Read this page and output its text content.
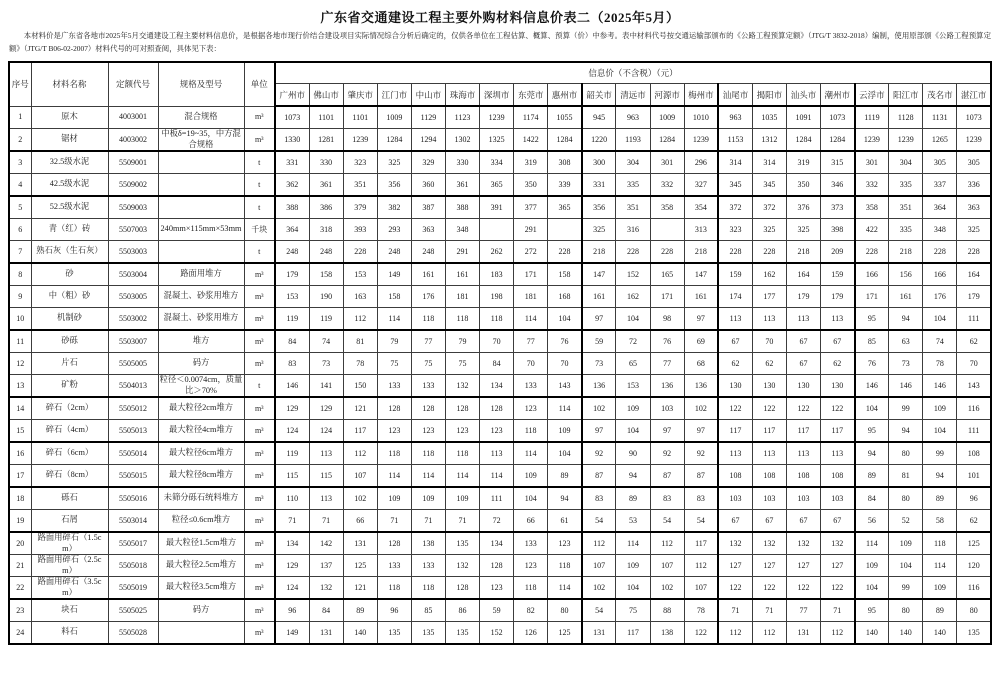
广东省交通建设工程主要外购材料信息价表二（2025年5月）
本材料价是广东省各地市2025年5月交通建设工程主要材料信息价，是根据各地市现行价结合建设项目实际情况综合分析后确定的，仅供各单位在工程估算、概算、预算（价）中参考。表中材料代号按交通运输部颁布的《公路工程预算定额》（JTG/T 3832-2018）编制，使用原部颁《公路工程预算定额》（JTG/T B06-02-2007）材料代号的可对照查阅，具体见下表：
序号	材料名称	定额代号	规格及型号	单位	信息价（不含税）（元）																				
					广州市	佛山市	肇庆市	江门市	中山市	珠海市	深圳市	东莞市	惠州市	韶关市	清远市	河源市	梅州市	汕尾市	揭阳市	汕头市	潮州市	云浮市	阳江市	茂名市	湛江市
1	原木	4003001	混合规格	m³	1073	1101	1101	1009	1129	1123	1239	1174	1055	945	963	1009	1010	963	1035	1091	1073	1119	1128	1131	1073
2	锯材	4003002	中板δ=19~35，中方混合规格	m³	1330	1281	1239	1284	1294	1302	1325	1422	1284	1220	1193	1284	1239	1153	1312	1284	1284	1239	1239	1265	1239
3	32.5级水泥	5509001		t	331	330	323	325	329	330	334	319	308	300	304	301	296	314	314	319	315	301	304	305	305
4	42.5级水泥	5509002		t	362	361	351	356	360	361	365	350	339	331	335	332	327	345	345	350	346	332	335	337	336
5	52.5级水泥	5509003		t	388	386	379	382	387	388	391	377	365	356	351	358	354	372	372	376	373	358	351	364	363
6	青（红）砖	5507003	240mm×115mm×53mm	千块	364	318	393	293	363	348		291		325	316		313	323	325	325	398	422	335	348	325
7	熟石灰（生石灰）	5503003		t	248	248	228	248	248	291	262	272	228	218	228	228	218	228	228	218	209	228	218	228	228
8	砂	5503004	路面用堆方	m³	179	158	153	149	161	161	183	171	158	147	152	165	147	159	162	164	159	166	156	166	164
9	中（粗）砂	5503005	混凝土、砂浆用堆方	m³	153	190	163	158	176	181	198	181	168	161	162	171	161	174	177	179	179	171	161	176	179
10	机制砂	5503002	混凝土、砂浆用堆方	m³	119	119	112	114	118	118	118	114	104	97	104	98	97	113	113	113	113	95	94	104	111
11	砂砾	5503007	堆方	m³	84	74	81	79	77	79	70	77	76	59	72	76	69	67	70	67	67	85	63	74	62
12	片石	5505005	码方	m³	83	73	78	75	75	75	84	70	70	73	65	77	68	62	62	67	62	76	73	78	70
13	矿粉	5504013	粒径＜0.0074cm，质量比＞70%	t	146	141	150	133	133	132	134	133	143	136	153	136	136	130	130	130	130	146	146	146	143
14	碎石（2cm）	5505012	最大粒径2cm堆方	m³	129	129	121	128	128	128	128	123	114	102	109	103	102	122	122	122	122	104	99	109	116
15	碎石（4cm）	5505013	最大粒径4cm堆方	m³	124	124	117	123	123	123	123	118	109	97	104	97	97	117	117	117	117	95	94	104	111
16	碎石（6cm）	5505014	最大粒径6cm堆方	m³	119	113	112	118	118	118	113	114	104	92	90	92	92	113	113	113	113	94	80	99	108
17	碎石（8cm）	5505015	最大粒径8cm堆方	m³	115	115	107	114	114	114	114	109	89	87	94	87	87	108	108	108	108	89	81	94	101
18	砾石	5505016	未筛分砾石统料堆方	m³	110	113	102	109	109	109	111	104	94	83	89	83	83	103	103	103	103	84	80	89	96
19	石屑	5503014	粒径≤0.6cm堆方	m³	71	71	66	71	71	71	72	66	61	54	53	54	54	67	67	67	67	56	52	58	62
20	路面用碎石（1.5cm）	5505017	最大粒径1.5cm堆方	m³	134	142	131	128	138	135	134	133	123	112	114	112	117	132	132	132	132	114	109	118	125
21	路面用碎石（2.5cm）	5505018	最大粒径2.5cm堆方	m³	129	137	125	133	133	132	128	123	118	107	109	107	112	127	127	127	127	109	104	114	120
22	路面用碎石（3.5cm）	5505019	最大粒径3.5cm堆方	m³	124	132	121	118	118	128	123	118	114	102	104	102	107	122	122	122	122	104	99	109	116
23	块石	5505025	码方	m³	96	84	89	96	85	86	59	82	80	54	75	88	78	71	71	77	71	95	80	89	80
24	料石	5505028		m³	149	131	140	135	135	135	152	126	125	131	117	138	122	112	112	131	112	140	140	140	135
